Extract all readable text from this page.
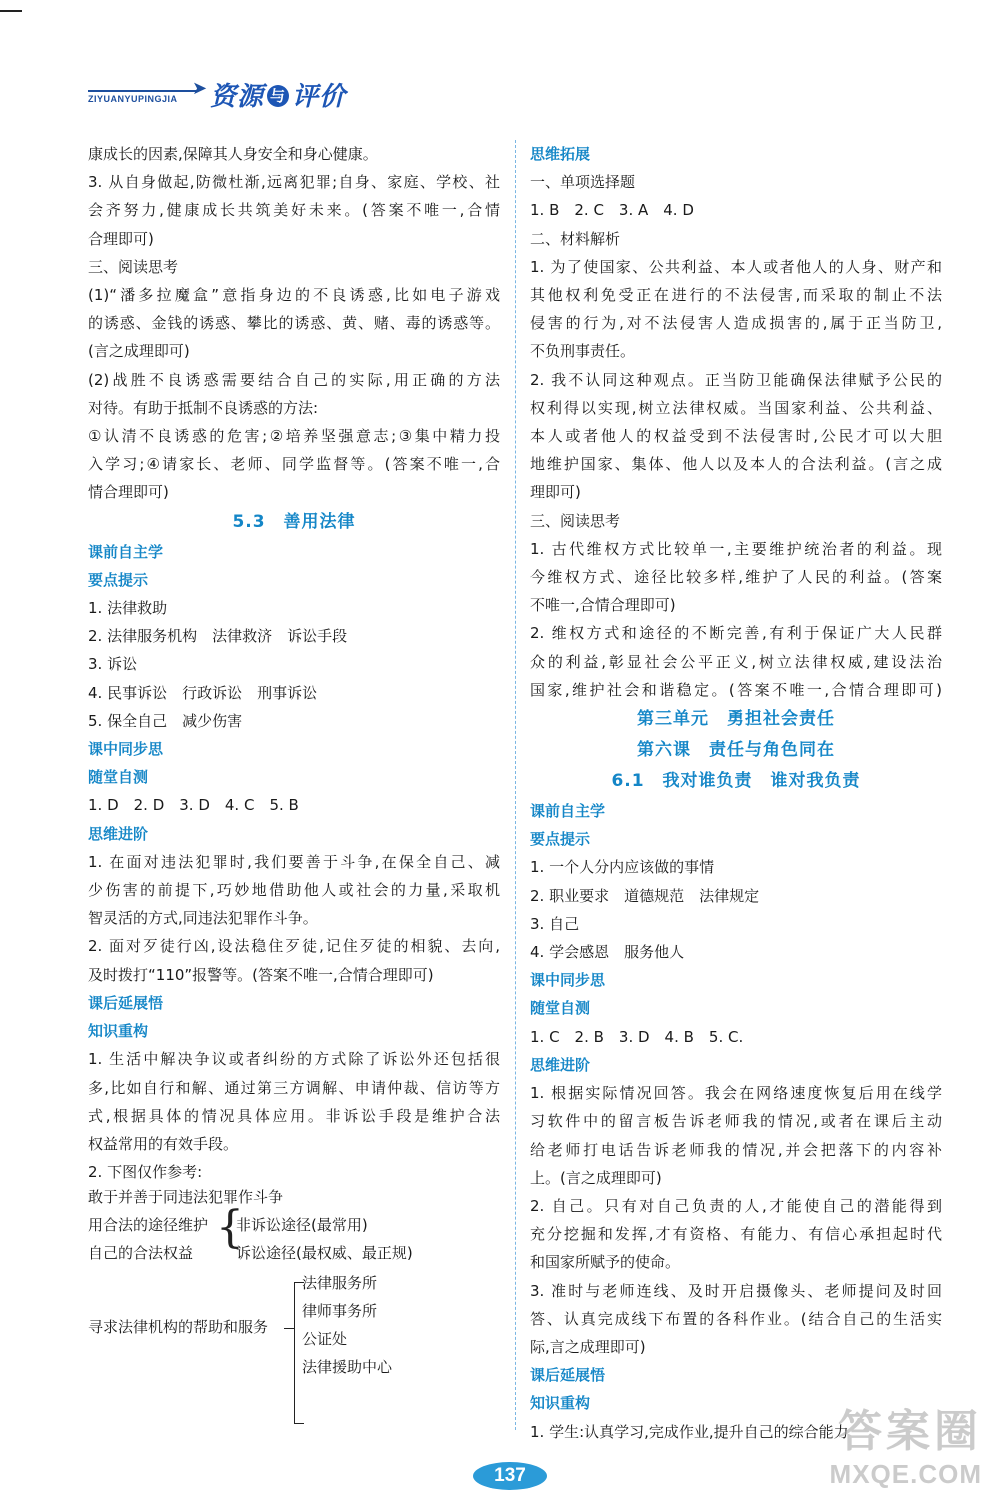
➤
ZIYUANYUPINGJIA 资源 与 评价
康成长的因素,保障其人身安全和身心健康。
3. 从自身做起,防微杜渐,远离犯罪;自身、家庭、学校、社
会齐努力,健康成长共筑美好未来。(答案不唯一,合情
合理即可)
三、阅读思考
(1)“潘多拉魔盒”意指身边的不良诱惑,比如电子游戏
的诱惑、金钱的诱惑、攀比的诱惑、黄、赌、毒的诱惑等。
(言之成理即可)
(2)战胜不良诱惑需要结合自己的实际,用正确的方法
对待。有助于抵制不良诱惑的方法:
①认清不良诱惑的危害;②培养坚强意志;③集中精力投
入学习;④请家长、老师、同学监督等。(答案不唯一,合
情合理即可)
5.3　善用法律
课前自主学
要点提示
1. 法律救助
2. 法律服务机构　法律救济　诉讼手段
3. 诉讼
4. 民事诉讼　行政诉讼　刑事诉讼
5. 保全自己　减少伤害
课中同步思
随堂自测
1. D　2. D　3. D　4. C　5. B
思维进阶
1. 在面对违法犯罪时,我们要善于斗争,在保全自己、减
少伤害的前提下,巧妙地借助他人或社会的力量,采取机
智灵活的方式,同违法犯罪作斗争。
2. 面对歹徒行凶,设法稳住歹徒,记住歹徒的相貌、去向,
及时拨打“110”报警等。(答案不唯一,合情合理即可)
课后延展悟
知识重构
1. 生活中解决争议或者纠纷的方式除了诉讼外还包括很
多,比如自行和解、通过第三方调解、申请仲裁、信访等方
式,根据具体的情况具体应用。非诉讼手段是维护合法
权益常用的有效手段。
2. 下图仅作参考:
敢于并善于同违法犯罪作斗争
用合法的途径维护
自己的合法权益 {
非诉讼途径(最常用)
诉讼途径(最权威、最正规)
寻求法律机构的帮助和服务
法律服务所
律师事务所
公证处
法律援助中心
思维拓展
一、单项选择题
1. B　2. C　3. A　4. D
二、材料解析
1. 为了使国家、公共利益、本人或者他人的人身、财产和
其他权利免受正在进行的不法侵害,而采取的制止不法
侵害的行为,对不法侵害人造成损害的,属于正当防卫,
不负刑事责任。
2. 我不认同这种观点。正当防卫能确保法律赋予公民的
权利得以实现,树立法律权威。当国家利益、公共利益、
本人或者他人的权益受到不法侵害时,公民才可以大胆
地维护国家、集体、他人以及本人的合法利益。(言之成
理即可)
三、阅读思考
1. 古代维权方式比较单一,主要维护统治者的利益。现
今维权方式、途径比较多样,维护了人民的利益。(答案
不唯一,合情合理即可)
2. 维权方式和途径的不断完善,有利于保证广大人民群
众的利益,彰显社会公平正义,树立法律权威,建设法治
国家,维护社会和谐稳定。(答案不唯一,合情合理即可)
第三单元　勇担社会责任
第六课　责任与角色同在
6.1　我对谁负责　谁对我负责
课前自主学
要点提示
1. 一个人分内应该做的事情
2. 职业要求　道德规范　法律规定
3. 自己
4. 学会感恩　服务他人
课中同步思
随堂自测
1. C　2. B　3. D　4. B　5. C.
思维进阶
1. 根据实际情况回答。我会在网络速度恢复后用在线学
习软件中的留言板告诉老师我的情况,或者在课后主动
给老师打电话告诉老师我的情况,并会把落下的内容补
上。(言之成理即可)
2. 自己。只有对自己负责的人,才能使自己的潜能得到
充分挖掘和发挥,才有资格、有能力、有信心承担起时代
和国家所赋予的使命。
3. 准时与老师连线、及时开启摄像头、老师提问及时回
答、认真完成线下布置的各科作业。(结合自己的生活实
际,言之成理即可)
课后延展悟
知识重构
1. 学生:认真学习,完成作业,提升自己的综合能力
137
答案圈
MXQE.COM
